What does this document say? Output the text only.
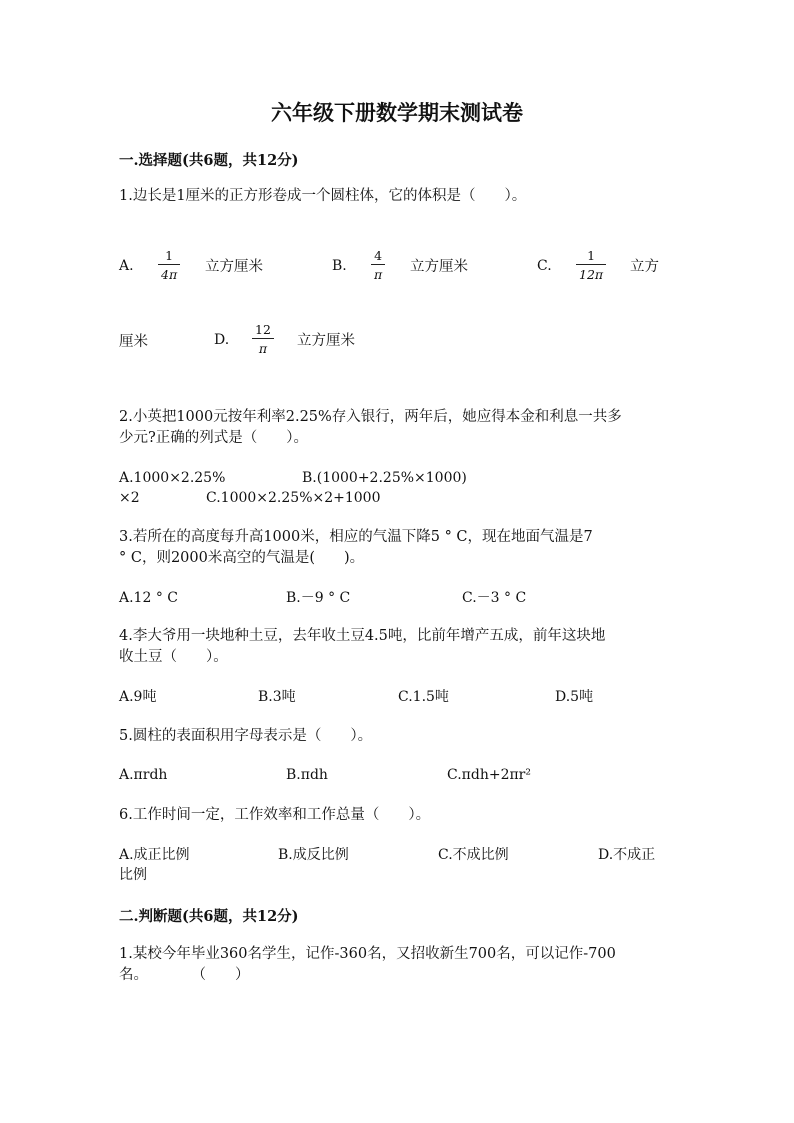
六年级下册数学期末测试卷
一.选择题(共6题，共12分)
1.边长是1厘米的正方形卷成一个圆柱体，它的体积是（　　）。
A. $\frac{1}{4\pi}$ 立方厘米	B. $\frac{4}{\pi}$ 立方厘米	C. $\frac{1}{12\pi}$ 立方
厘米	D. $\frac{12}{\pi}$ 立方厘米
2.小英把1000元按年利率2.25%存入银行，两年后，她应得本金和利息一共多
少元?正确的列式是（　　）。
A.1000×2.25%	B.(1000+2.25%×1000)
×2	C.1000×2.25%×2+1000
3.若所在的高度每升高1000米，相应的气温下降5 ° C，现在地面气温是7
° C，则2000米高空的气温是(　　)。
A.12 ° C	B.－9 ° C	C.－3 ° C
4.李大爷用一块地种土豆，去年收土豆4.5吨，比前年增产五成，前年这块地
收土豆（　　）。
A.9吨	B.3吨	C.1.5吨	D.5吨
5.圆柱的表面积用字母表示是（　　）。
A.πrdh	B.πdh	C.πdh+2πr²
6.工作时间一定，工作效率和工作总量（　　）。
A.成正比例	B.成反比例	C.不成比例	D.不成正
比例
二.判断题(共6题，共12分)
1.某校今年毕业360名学生，记作-360名，又招收新生700名，可以记作-700
名。　　　　（　　）
